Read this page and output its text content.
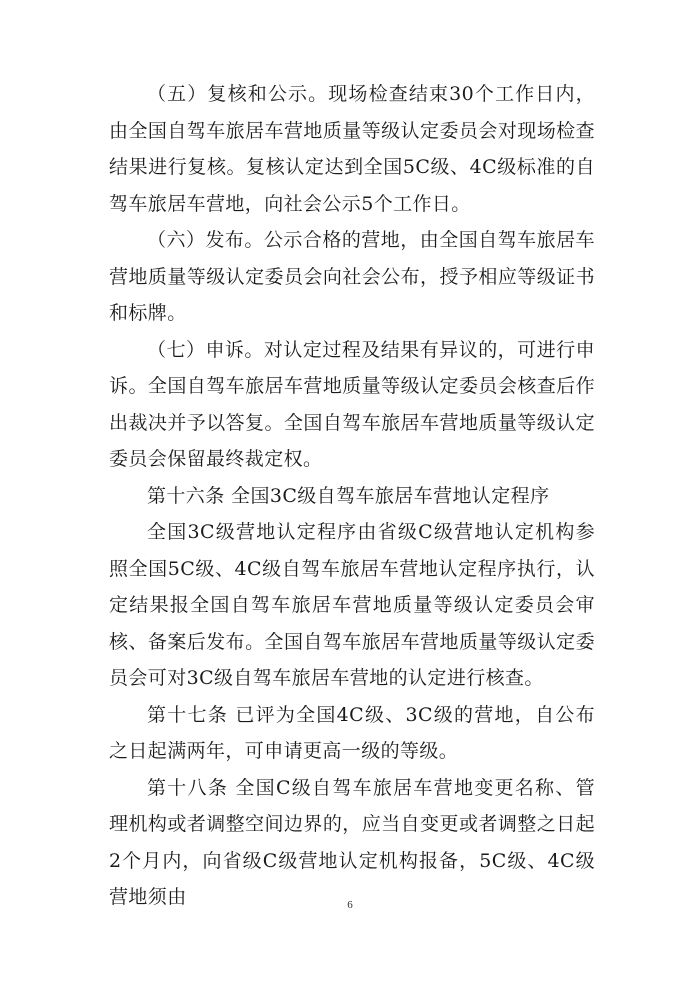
（五）复核和公示。现场检查结束30个工作日内，由全国自驾车旅居车营地质量等级认定委员会对现场检查结果进行复核。复核认定达到全国5C级、4C级标准的自驾车旅居车营地，向社会公示5个工作日。

（六）发布。公示合格的营地，由全国自驾车旅居车营地质量等级认定委员会向社会公布，授予相应等级证书和标牌。

（七）申诉。对认定过程及结果有异议的，可进行申诉。全国自驾车旅居车营地质量等级认定委员会核查后作出裁决并予以答复。全国自驾车旅居车营地质量等级认定委员会保留最终裁定权。

第十六条 全国3C级自驾车旅居车营地认定程序

全国3C级营地认定程序由省级C级营地认定机构参照全国5C级、4C级自驾车旅居车营地认定程序执行，认定结果报全国自驾车旅居车营地质量等级认定委员会审核、备案后发布。全国自驾车旅居车营地质量等级认定委员会可对3C级自驾车旅居车营地的认定进行核查。

第十七条 已评为全国4C级、3C级的营地，自公布之日起满两年，可申请更高一级的等级。

第十八条 全国C级自驾车旅居车营地变更名称、管理机构或者调整空间边界的，应当自变更或者调整之日起2个月内，向省级C级营地认定机构报备，5C级、4C级营地须由	6
